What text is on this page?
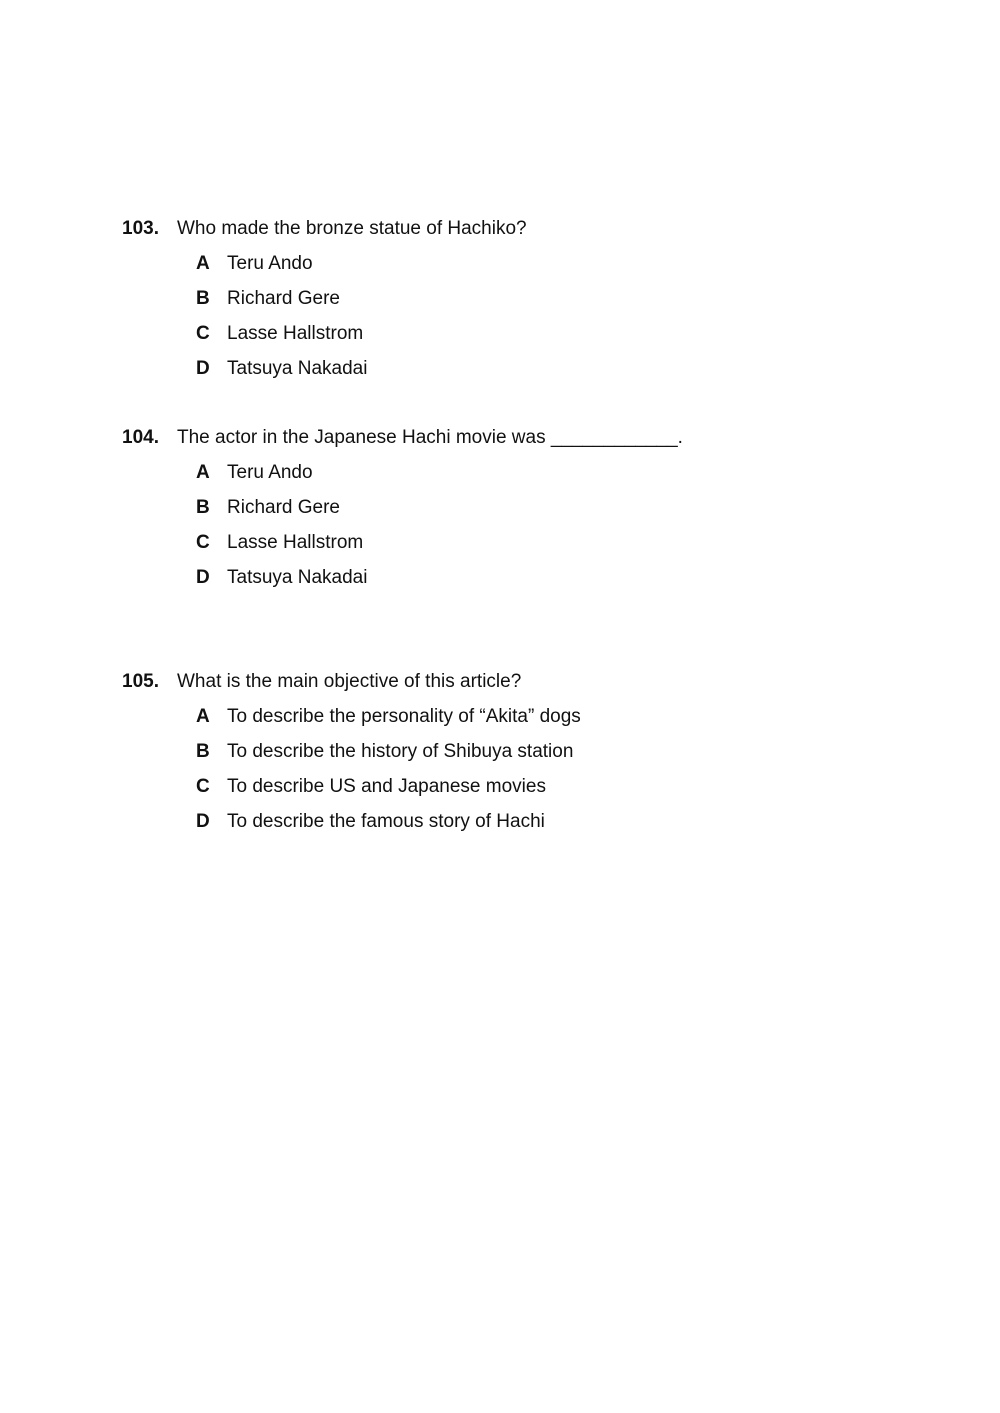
103. Who made the bronze statue of Hachiko?
A Teru Ando
B Richard Gere
C Lasse Hallstrom
D Tatsuya Nakadai
104. The actor in the Japanese Hachi movie was ____________.
A Teru Ando
B Richard Gere
C Lasse Hallstrom
D Tatsuya Nakadai
105. What is the main objective of this article?
A To describe the personality of “Akita” dogs
B To describe the history of Shibuya station
C To describe US and Japanese movies
D To describe the famous story of Hachi
